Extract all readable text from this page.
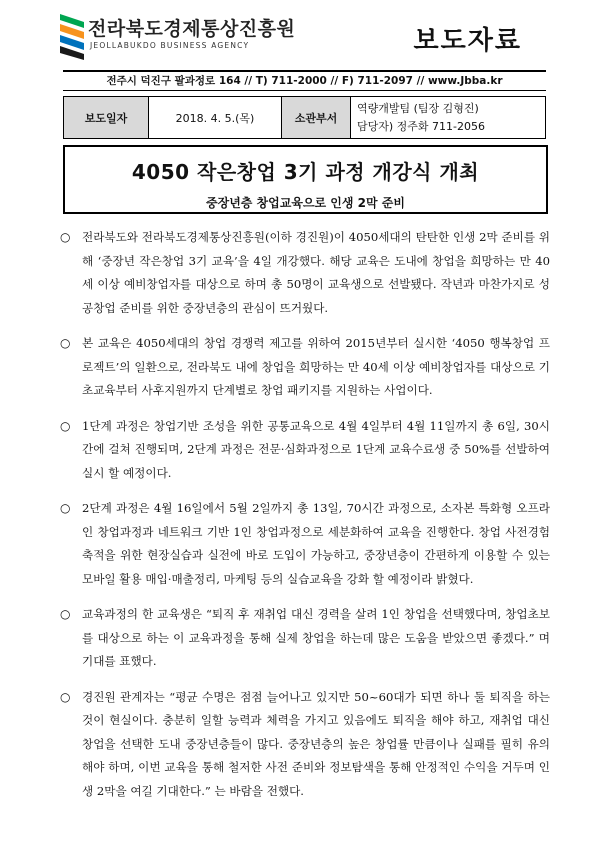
전라북도경제통상진흥원
JEOLLABUKDO BUSINESS AGENCY	보도자료
전주시 덕진구 팔과정로 164 // T) 711-2000 // F) 711-2097 // www.Jbba.kr
보도일자	2018. 4. 5.(목)	소관부서	
역량개발팀 (팀장 김형진)
담당자) 정주화 711-2056
4050 작은창업 3기 과정 개강식 개최
중장년층 창업교육으로 인생 2막 준비

○ 전라북도와 전라북도경제통상진흥원(이하 경진원)이 4050세대의 탄탄한 인생 2막 준비를 위해 ‘중장년 작은창업 3기 교육’을 4일 개강했다. 해당 교육은 도내에 창업을 희망하는 만 40세 이상 예비창업자를 대상으로 하며 총 50명이 교육생으로 선발됐다. 작년과 마찬가지로 성공창업 준비를 위한 중장년층의 관심이 뜨거웠다.

○ 본 교육은 4050세대의 창업 경쟁력 제고를 위하여 2015년부터 실시한 ‘4050 행복창업 프로젝트’의 일환으로, 전라북도 내에 창업을 희망하는 만 40세 이상 예비창업자를 대상으로 기초교육부터 사후지원까지 단계별로 창업 패키지를 지원하는 사업이다.

○ 1단계 과정은 창업기반 조성을 위한 공통교육으로 4월 4일부터 4월 11일까지 총 6일, 30시간에 걸쳐 진행되며, 2단계 과정은 전문·심화과정으로 1단계 교육수료생 중 50%를 선발하여 실시 할 예정이다.

○ 2단계 과정은 4월 16일에서 5월 2일까지 총 13일, 70시간 과정으로, 소자본 특화형 오프라인 창업과정과 네트워크 기반 1인 창업과정으로 세분화하여 교육을 진행한다. 창업 사전경험 축적을 위한 현장실습과 실전에 바로 도입이 가능하고, 중장년층이 간편하게 이용할 수 있는 모바일 활용 매입·매출정리, 마케팅 등의 실습교육을 강화 할 예정이라 밝혔다.

○ 교육과정의 한 교육생은 “퇴직 후 재취업 대신 경력을 살려 1인 창업을 선택했다며, 창업초보를 대상으로 하는 이 교육과정을 통해 실제 창업을 하는데 많은 도움을 받았으면 좋겠다.” 며 기대를 표했다.

○ 경진원 관계자는 “평균 수명은 점점 늘어나고 있지만 50~60대가 되면 하나 둘 퇴직을 하는 것이 현실이다. 충분히 일할 능력과 체력을 가지고 있음에도 퇴직을 해야 하고, 재취업 대신 창업을 선택한 도내 중장년층들이 많다. 중장년층의 높은 창업률 만큼이나 실패를 필히 유의해야 하며, 이번 교육을 통해 철저한 사전 준비와 정보탐색을 통해 안정적인 수익을 거두며 인생 2막을 여길 기대한다.” 는 바람을 전했다.
